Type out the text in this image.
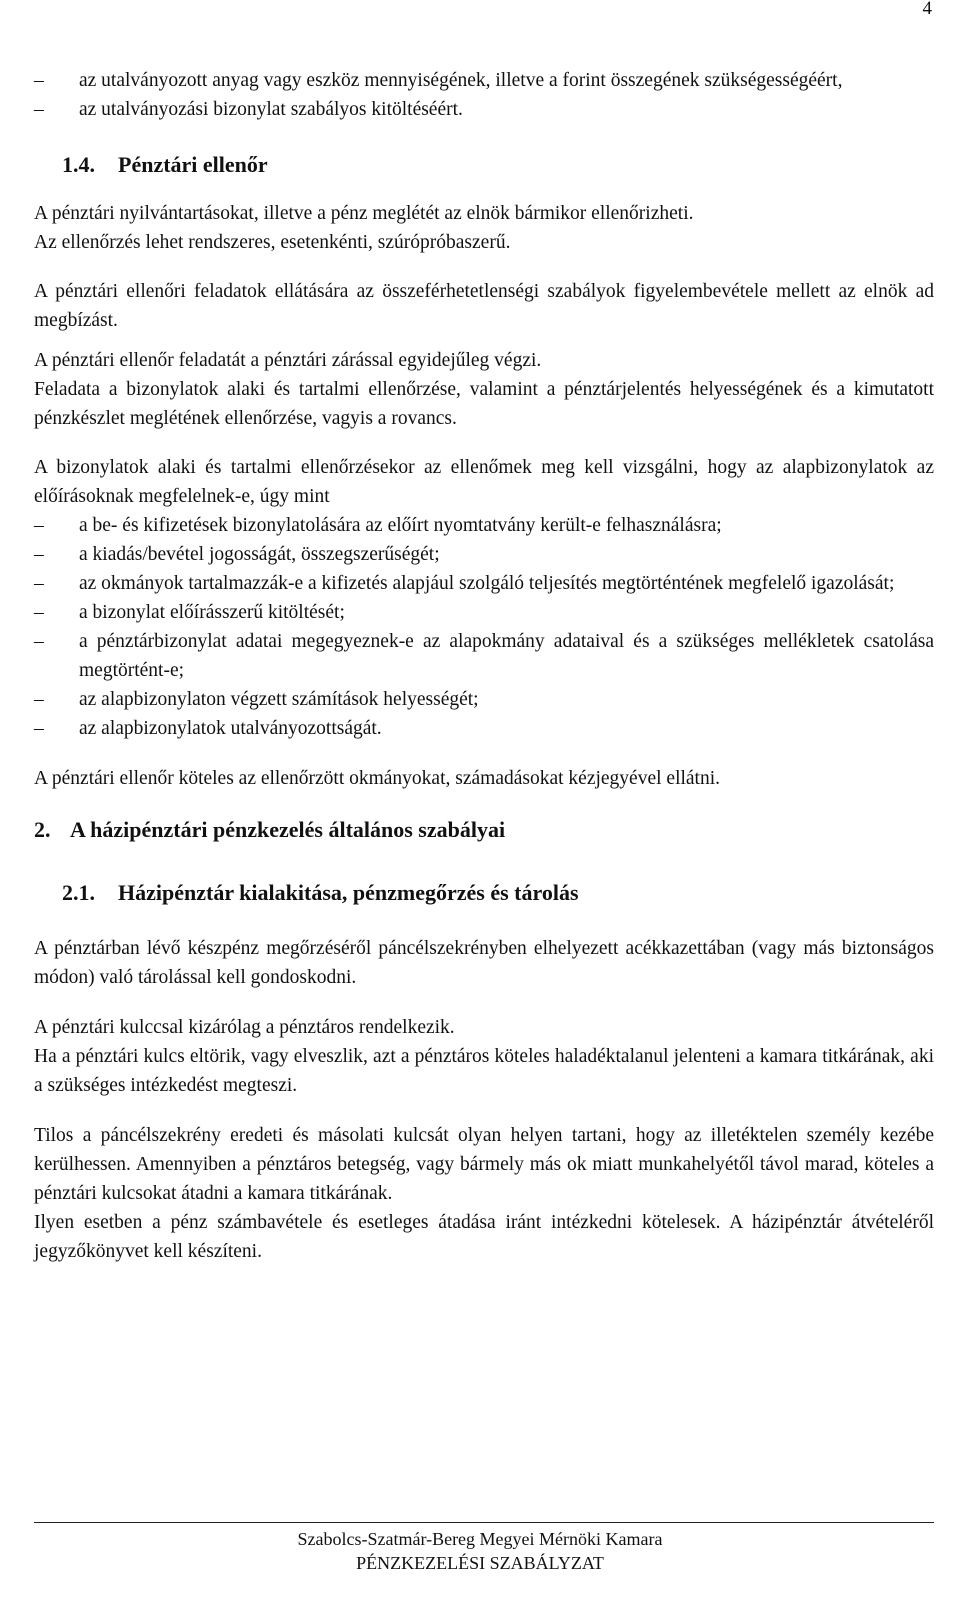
4
–	az utalványozott anyag vagy eszköz mennyiségének, illetve a forint összegének szükségességéért,
–	az utalványozási bizonylat szabályos kitöltéséért.
1.4. Pénztári ellenőr

A pénztári nyilvántartásokat, illetve a pénz meglétét az elnök bármikor ellenőrizheti.

Az ellenőrzés lehet rendszeres, esetenkénti, szúrópróbaszerű.

A pénztári ellenőri feladatok ellátására az összeférhetetlenségi szabályok figyelembevétele mellett az elnök ad megbízást.

A pénztári ellenőr feladatát a pénztári zárással egyidejűleg végzi.

Feladata a bizonylatok alaki és tartalmi ellenőrzése, valamint a pénztárjelentés helyességének és a kimutatott pénzkészlet meglétének ellenőrzése, vagyis a rovancs.

A bizonylatok alaki és tartalmi ellenőrzésekor az ellenőmek meg kell vizsgálni, hogy az alapbizonylatok az előírásoknak megfelelnek-e, úgy mint

–	a be- és kifizetések bizonylatolására az előírt nyomtatvány került-e felhasználásra;
–	a kiadás/bevétel jogosságát, összegszerűségét;
–	az okmányok tartalmazzák-e a kifizetés alapjául szolgáló teljesítés megtörténtének megfelelő igazolását;
–	a bizonylat előírásszerű kitöltését;
–	a pénztárbizonylat adatai megegyeznek-e az alapokmány adataival és a szükséges mellékletek csatolása megtörtént-e;
–	az alapbizonylaton végzett számítások helyességét;
–	az alapbizonylatok utalványozottságát.

A pénztári ellenőr köteles az ellenőrzött okmányokat, számadásokat kézjegyével ellátni.

2. A házipénztári pénzkezelés általános szabályai
2.1. Házipénztár kialakitása, pénzmegőrzés és tárolás

A pénztárban lévő készpénz megőrzéséről páncélszekrényben elhelyezett acékkazettában (vagy más biztonságos módon) való tárolással kell gondoskodni.

A pénztári kulccsal kizárólag a pénztáros rendelkezik.

Ha a pénztári kulcs eltörik, vagy elveszlik, azt a pénztáros köteles haladéktalanul jelenteni a kamara titkárának, aki a szükséges intézkedést megteszi.

Tilos a páncélszekrény eredeti és másolati kulcsát olyan helyen tartani, hogy az illetéktelen személy kezébe kerülhessen. Amennyiben a pénztáros betegség, vagy bármely más ok miatt munkahelyétől távol marad, köteles a pénztári kulcsokat átadni a kamara titkárának.

Ilyen esetben a pénz számbavétele és esetleges átadása iránt intézkedni kötelesek. A házipénztár átvételéről jegyzőkönyvet kell készíteni.

Szabolcs-Szatmár-Bereg Megyei Mérnöki Kamara
PÉNZKEZELÉSI SZABÁLYZAT
